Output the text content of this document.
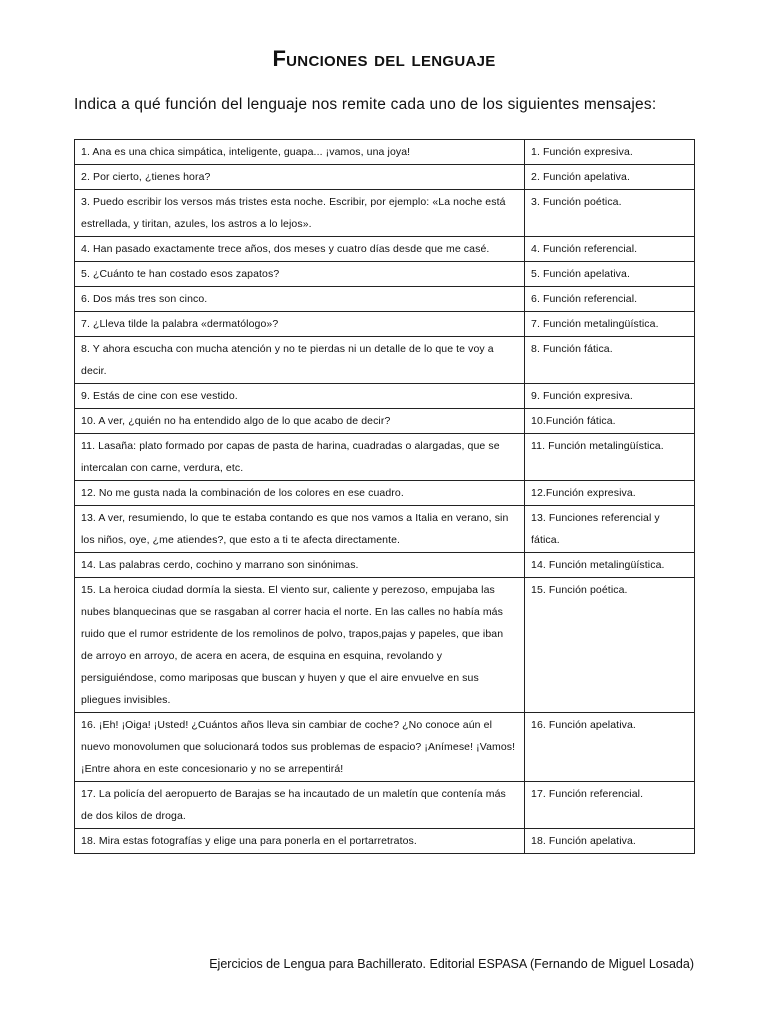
Funciones del lenguaje
Indica a qué función del lenguaje nos remite cada uno de los siguientes mensajes:
1. Ana es una chica simpática, inteligente, guapa... ¡vamos, una joya!	1. Función expresiva.
2. Por cierto, ¿tienes hora?	2. Función apelativa.
3. Puedo escribir los versos más tristes esta noche. Escribir, por ejemplo: «La noche está estrellada, y tiritan, azules, los astros a lo lejos».	3. Función poética.
4. Han pasado exactamente trece años, dos meses y cuatro días desde que me casé.	4. Función referencial.
5. ¿Cuánto te han costado esos zapatos?	5. Función apelativa.
6. Dos más tres son cinco.	6. Función referencial.
7. ¿Lleva tilde la palabra «dermatólogo»?	7. Función metalingüística.
8. Y ahora escucha con mucha atención y no te pierdas ni un detalle de lo que te voy a decir.	8. Función fática.
9. Estás de cine con ese vestido.	9. Función expresiva.
10. A ver, ¿quién no ha entendido algo de lo que acabo de decir?	10.Función fática.
11. Lasaña: plato formado por capas de pasta de harina, cuadradas o alargadas, que se intercalan con carne, verdura, etc.	11. Función metalingüística.
12. No me gusta nada la combinación de los colores en ese cuadro.	12.Función expresiva.
13. A ver, resumiendo, lo que te estaba contando es que nos vamos a Italia en verano, sin los niños, oye, ¿me atiendes?, que esto a ti te afecta directamente.	13. Funciones referencial y fática.
14. Las palabras cerdo, cochino y marrano son sinónimas.	14. Función metalingüística.
15. La heroica ciudad dormía la siesta. El viento sur, caliente y perezoso, empujaba las nubes blanquecinas que se rasgaban al correr hacia el norte. En las calles no había más ruido que el rumor estridente de los remolinos de polvo, trapos,pajas y papeles, que iban de arroyo en arroyo, de acera en acera, de esquina en esquina, revolando y persiguiéndose, como mariposas que buscan y huyen y que el aire envuelve en sus pliegues invisibles.	15. Función poética.
16. ¡Eh! ¡Oiga! ¡Usted! ¿Cuántos años lleva sin cambiar de coche? ¿No conoce aún el nuevo monovolumen que solucionará todos sus problemas de espacio? ¡Anímese! ¡Vamos! ¡Entre ahora en este concesionario y no se arrepentirá!	16. Función apelativa.
17. La policía del aeropuerto de Barajas se ha incautado de un maletín que contenía más de dos kilos de droga.	17. Función referencial.
18. Mira estas fotografías y elige una para ponerla en el portarretratos.	18. Función apelativa.
Ejercicios de Lengua para Bachillerato. Editorial ESPASA (Fernando de Miguel Losada)
